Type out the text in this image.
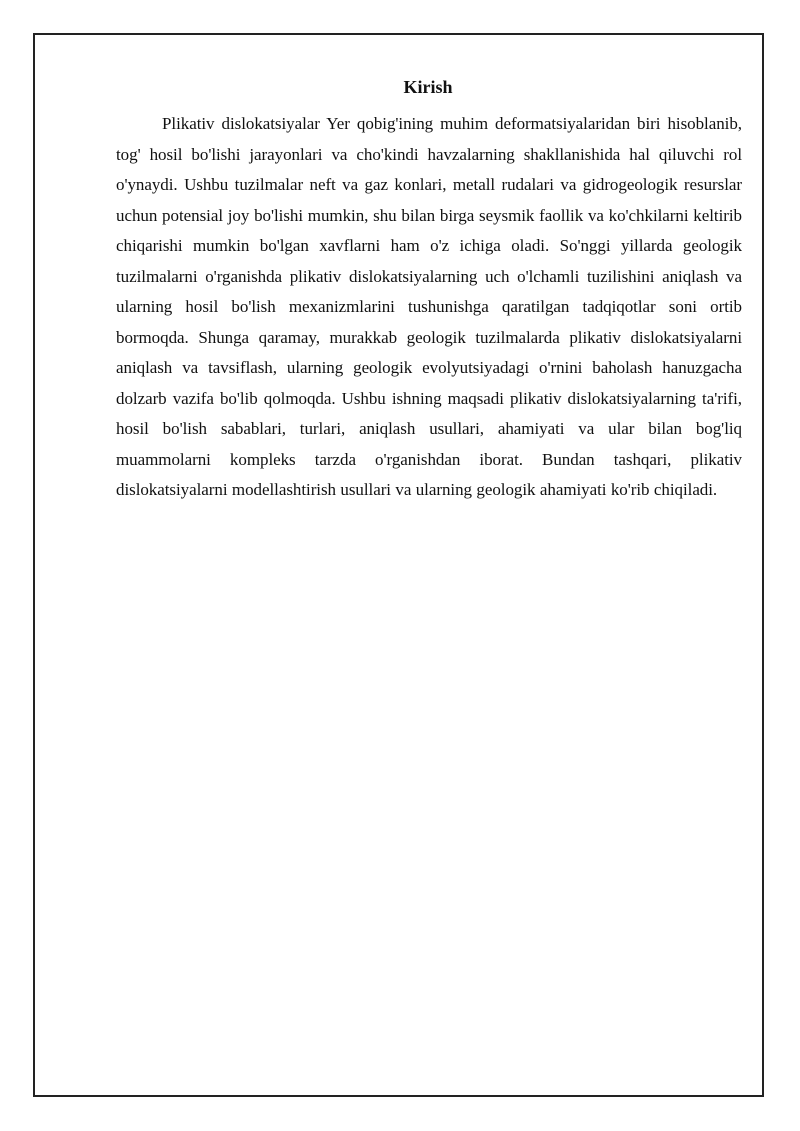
Kirish

Plikativ dislokatsiyalar Yer qobig'ining muhim deformatsiyalaridan biri hisoblanib, tog' hosil bo'lishi jarayonlari va cho'kindi havzalarning shakllanishida hal qiluvchi rol o'ynaydi. Ushbu tuzilmalar neft va gaz konlari, metall rudalari va gidrogeologik resurslar uchun potensial joy bo'lishi mumkin, shu bilan birga seysmik faollik va ko'chkilarni keltirib chiqarishi mumkin bo'lgan xavflarni ham o'z ichiga oladi. So'nggi yillarda geologik tuzilmalarni o'rganishda plikativ dislokatsiyalarning uch o'lchamli tuzilishini aniqlash va ularning hosil bo'lish mexanizmlarini tushunishga qaratilgan tadqiqotlar soni ortib bormoqda. Shunga qaramay, murakkab geologik tuzilmalarda plikativ dislokatsiyalarni aniqlash va tavsiflash, ularning geologik evolyutsiyadagi o'rnini baholash hanuzgacha dolzarb vazifa bo'lib qolmoqda. Ushbu ishning maqsadi plikativ dislokatsiyalarning ta'rifi, hosil bo'lish sabablari, turlari, aniqlash usullari, ahamiyati va ular bilan bog'liq muammolarni kompleks tarzda o'rganishdan iborat. Bundan tashqari, plikativ dislokatsiyalarni modellashtirish usullari va ularning geologik ahamiyati ko'rib chiqiladi.
